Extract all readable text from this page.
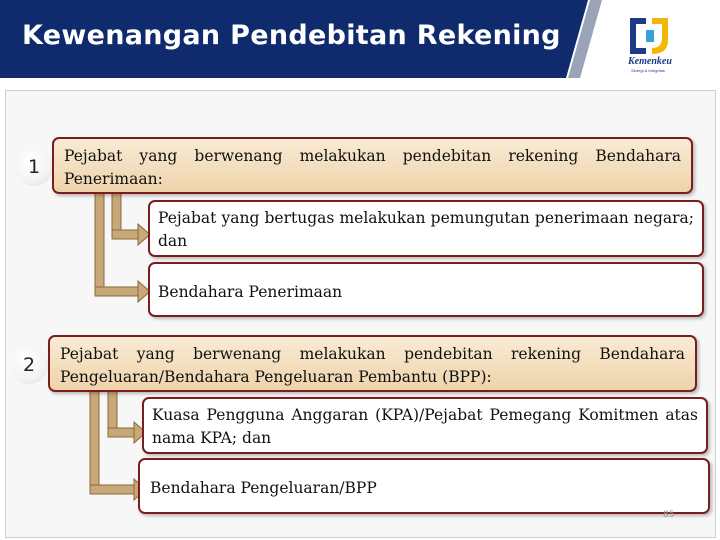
Kewenangan Pendebitan Rekening
Kemenkeu
Sinergi & Integritas
1	Pejabat yang berwenang melakukan pendebitan rekening Bendahara Penerimaan:
Pejabat yang bertugas melakukan pemungutan penerimaan negara; dan
Bendahara Penerimaan
2	Pejabat yang berwenang melakukan pendebitan rekening Bendahara Pengeluaran/Bendahara Pengeluaran Pembantu (BPP):
Kuasa Pengguna Anggaran (KPA)/Pejabat Pemegang Komitmen atas nama KPA; dan
Bendahara Pengeluaran/BPP
85
